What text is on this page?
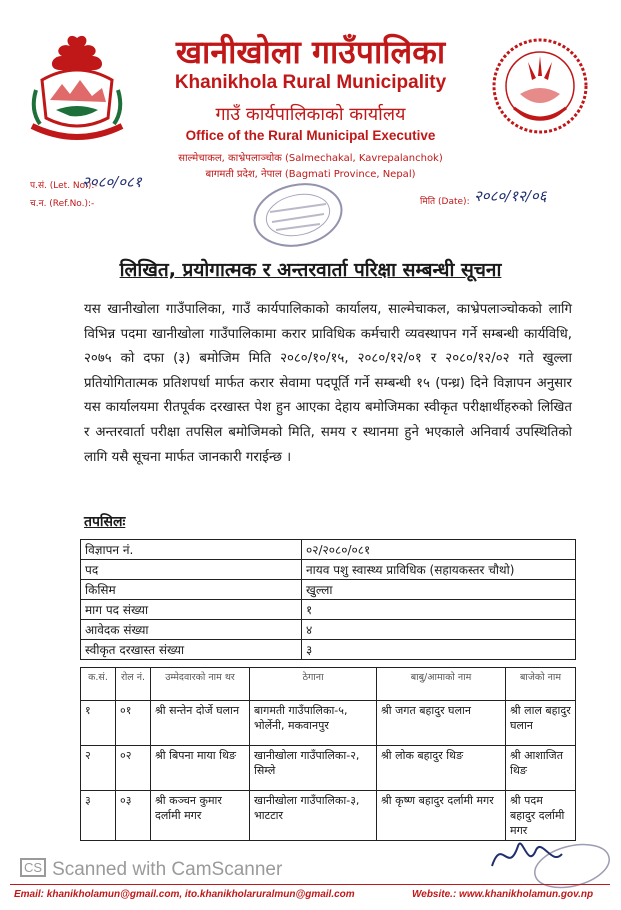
खानीखोला गाउँपालिका
Khanikhola Rural Municipality
गाउँ कार्यपालिकाको कार्यालय
Office of the Rural Municipal Executive
साल्मेचाकल, काभ्रेपलाञ्चोक (Salmechakal, Kavrepalanchok)
बागमती प्रदेश, नेपाल (Bagmati Province, Nepal)
प.सं. (Let. No.):-
२०८०/०८१
च.न. (Ref.No.):-	मिति (Date): २०८०/१२/०६
लिखित, प्रयोगात्मक र अन्तरवार्ता परिक्षा सम्बन्धी सूचना
यस खानीखोला गाउँपालिका, गाउँ कार्यपालिकाको कार्यालय, साल्मेचाकल, काभ्रेपलाञ्चोकको लागि विभिन्न पदमा खानीखोला गाउँपालिकामा करार प्राविधिक कर्मचारी व्यवस्थापन गर्ने सम्बन्धी कार्यविधि, २०७५ को दफा (३) बमोजिम मिति २०८०/१०/१५, २०८०/१२/०१ र २०८०/१२/०२ गते खुल्ला प्रतियोगितात्मक प्रतिशपर्धा मार्फत करार सेवामा पदपूर्ति गर्ने सम्बन्धी १५ (पन्ध्र) दिने विज्ञापन अनुसार यस कार्यालयमा रीतपूर्वक दरखास्त पेश हुन आएका देहाय बमोजिमका स्वीकृत परीक्षार्थीहरुको लिखित र अन्तरवार्ता परीक्षा तपसिल बमोजिमको मिति, समय र स्थानमा हुने भएकाले अनिवार्य उपस्थितिको लागि यसै सूचना मार्फत जानकारी गराईन्छ ।
तपसिलः
विज्ञापन नं.	०२/२०८०/०८१
पद	नायव पशु स्वास्थ्य प्राविधिक (सहायकस्तर चौथो)
किसिम	खुल्ला
माग पद संख्या	१
आवेदक संख्या	४
स्वीकृत दरखास्त संख्या	३
क.सं.	रोल नं.	उम्मेदवारको नाम थर	ठेगाना	बाबु/आमाको नाम	बाजेको नाम
१	०१	श्री सन्तेन दोर्जे घलान	बागमती गाउँपालिका-५, भोर्लेनी, मकवानपुर	श्री जगत बहादुर घलान	श्री लाल बहादुर घलान
२	०२	श्री बिपना माया थिङ	खानीखोला गाउँपालिका-२, सिम्ले	श्री लोक बहादुर थिङ	श्री आशाजित थिङ
३	०३	श्री कञ्चन कुमार दर्लामी मगर	खानीखोला गाउँपालिका-३, भाटटार	श्री कृष्ण बहादुर दर्लामी मगर	श्री पदम बहादुर दर्लामी मगर
CS Scanned with CamScanner
Email: khanikholamun@gmail.com, ito.khanikholaruralmun@gmail.com	Website.: www.khanikholamun.gov.np
